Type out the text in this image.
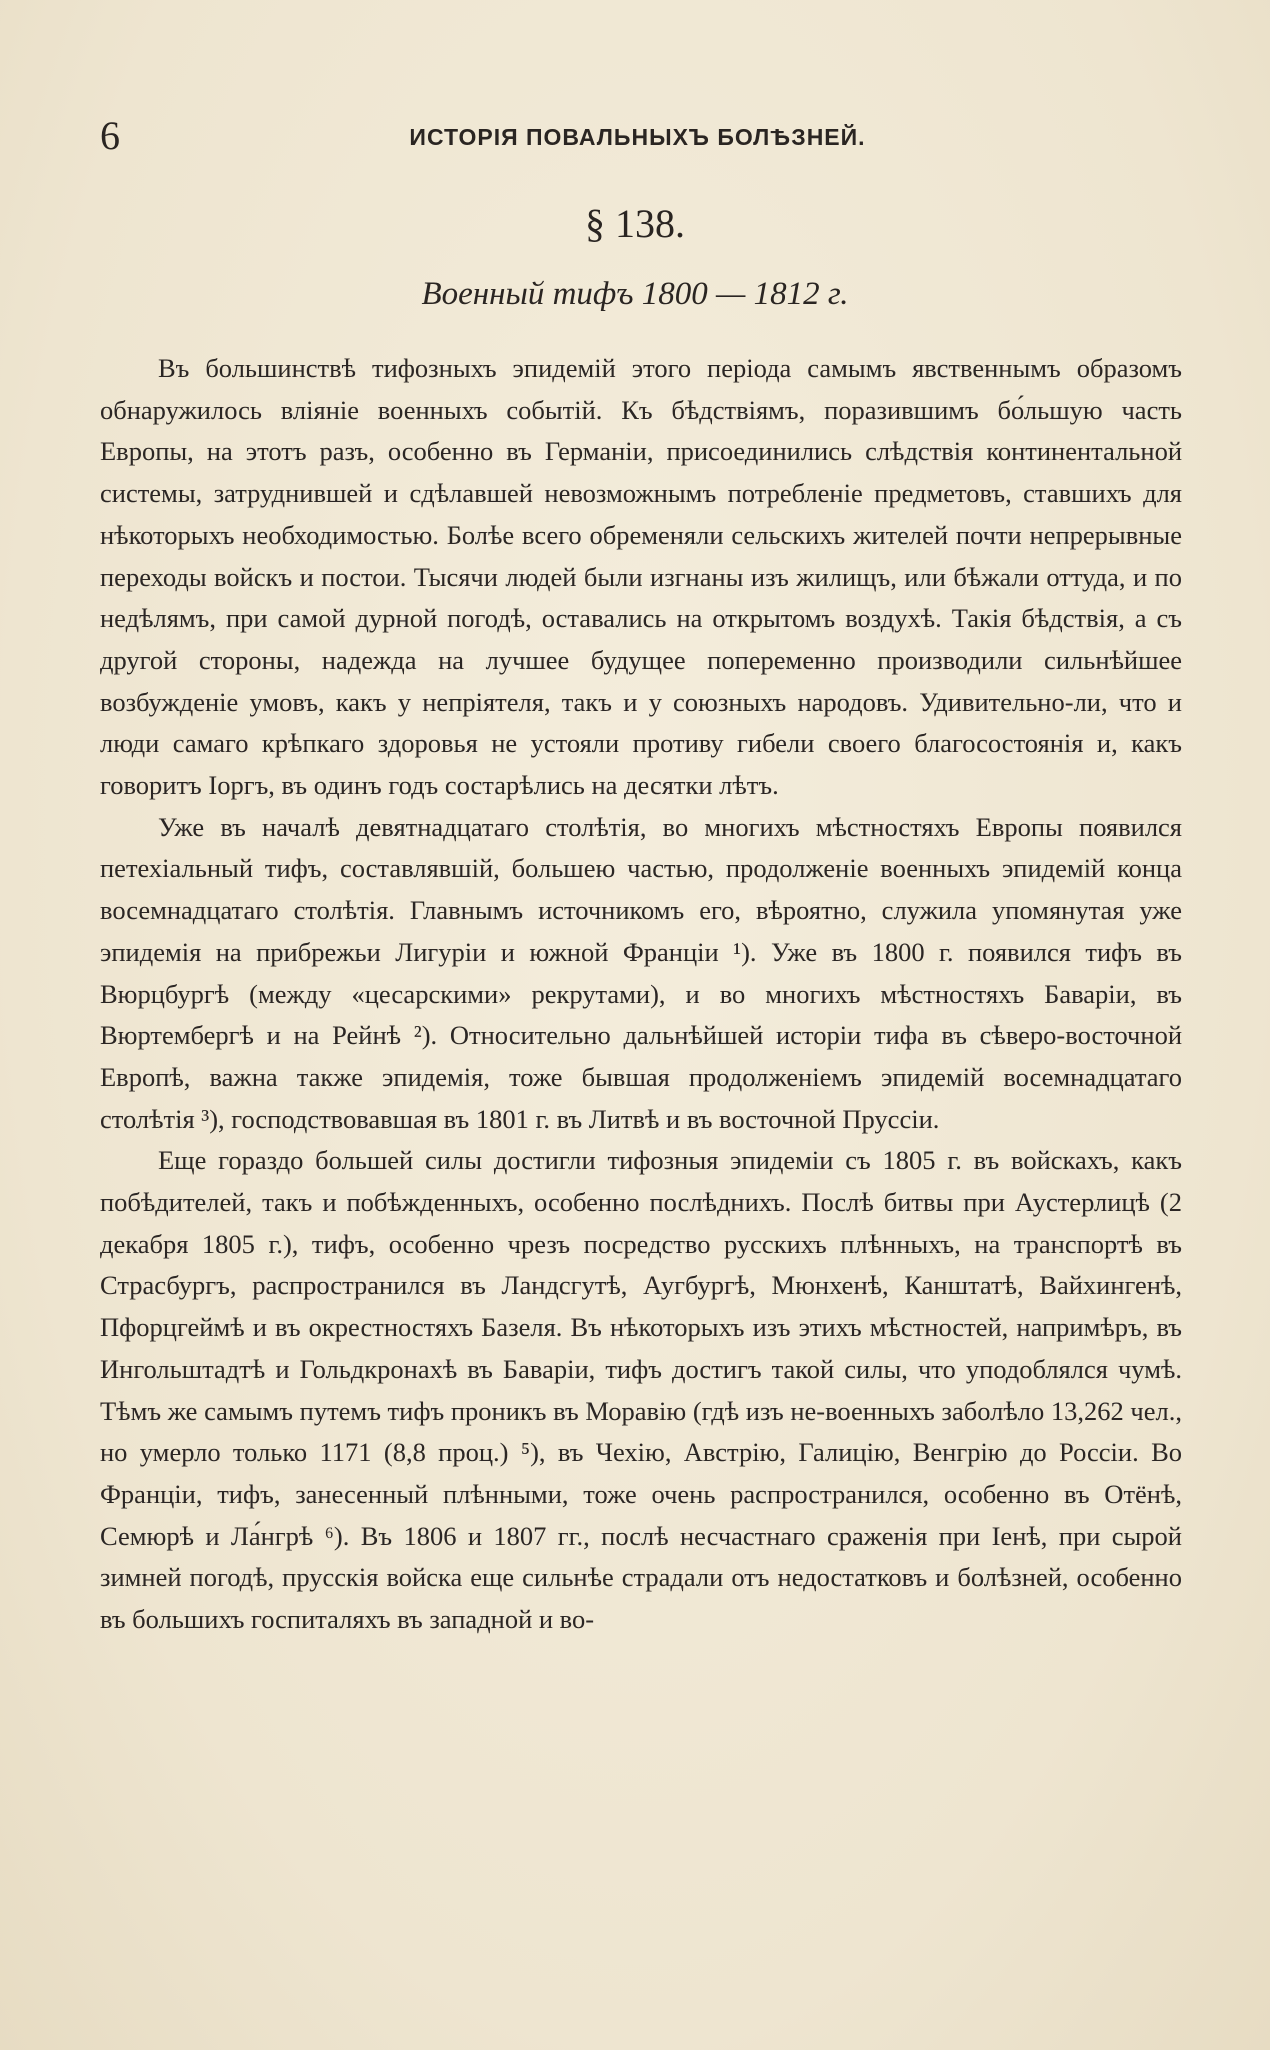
6	ИСТОРІЯ ПОВАЛЬНЫХЪ БОЛѢЗНЕЙ.
§ 138.
Военный тифъ 1800 — 1812 г.

Въ большинствѣ тифозныхъ эпидемій этого періода самымъ явственнымъ образомъ обнаружилось вліяніе военныхъ событій. Къ бѣдствіямъ, поразившимъ бо́льшую часть Европы, на этотъ разъ, особенно въ Германіи, присоединились слѣдствія континентальной системы, затруднившей и сдѣлавшей невозможнымъ потребленіе предметовъ, ставшихъ для нѣкоторыхъ необходимостью. Болѣе всего обременяли сельскихъ жителей почти непрерывные переходы войскъ и постои. Тысячи людей были изгнаны изъ жилищъ, или бѣжали оттуда, и по недѣлямъ, при самой дурной погодѣ, оставались на открытомъ воздухѣ. Такія бѣдствія, а съ другой стороны, надежда на лучшее будущее попеременно производили сильнѣйшее возбужденіе умовъ, какъ у непріятеля, такъ и у союзныхъ народовъ. Удивительно-ли, что и люди самаго крѣпкаго здоровья не устояли противу гибели своего благосостоянія и, какъ говоритъ Іоргъ, въ одинъ годъ состарѣлись на десятки лѣтъ.

Уже въ началѣ девятнадцатаго столѣтія, во многихъ мѣстностяхъ Европы появился петехіальный тифъ, составлявшій, большею частью, продолженіе военныхъ эпидемій конца восемнадцатаго столѣтія. Главнымъ источникомъ его, вѣроятно, служила упомянутая уже эпидемія на прибрежьи Лигуріи и южной Франціи ¹). Уже въ 1800 г. появился тифъ въ Вюрцбургѣ (между «цесарскими» рекрутами), и во многихъ мѣстностяхъ Баваріи, въ Вюртембергѣ и на Рейнѣ ²). Относительно дальнѣйшей исторіи тифа въ сѣверо-восточной Европѣ, важна также эпидемія, тоже бывшая продолженіемъ эпидемій восемнадцатаго столѣтія ³), господствовавшая въ 1801 г. въ Литвѣ и въ восточной Пруссіи.

Еще гораздо большей силы достигли тифозныя эпидеміи съ 1805 г. въ войскахъ, какъ побѣдителей, такъ и побѣжденныхъ, особенно послѣднихъ. Послѣ битвы при Аустерлицѣ (2 декабря 1805 г.), тифъ, особенно чрезъ посредство русскихъ плѣнныхъ, на транспортѣ въ Страсбургъ, распространился въ Ландсгутѣ, Аугбургѣ, Мюнхенѣ, Канштатѣ, Вайхингенѣ, Пфорцгеймѣ и въ окрестностяхъ Базеля. Въ нѣкоторыхъ изъ этихъ мѣстностей, напримѣръ, въ Ингольштадтѣ и Гольдкронахѣ въ Баваріи, тифъ достигъ такой силы, что уподоблялся чумѣ. Тѣмъ же самымъ путемъ тифъ проникъ въ Моравію (гдѣ изъ не-военныхъ заболѣло 13,262 чел., но умерло только 1171 (8,8 проц.) ⁵), въ Чехію, Австрію, Галицію, Венгрію до Россіи. Во Франціи, тифъ, занесенный плѣнными, тоже очень распространился, особенно въ Отёнѣ, Семюрѣ и Ла́нгрѣ ⁶). Въ 1806 и 1807 гг., послѣ несчастнаго сраженія при Іенѣ, при сырой зимней погодѣ, прусскія войска еще сильнѣе страдали отъ недостатковъ и болѣзней, особенно въ большихъ госпиталяхъ въ западной и во-
